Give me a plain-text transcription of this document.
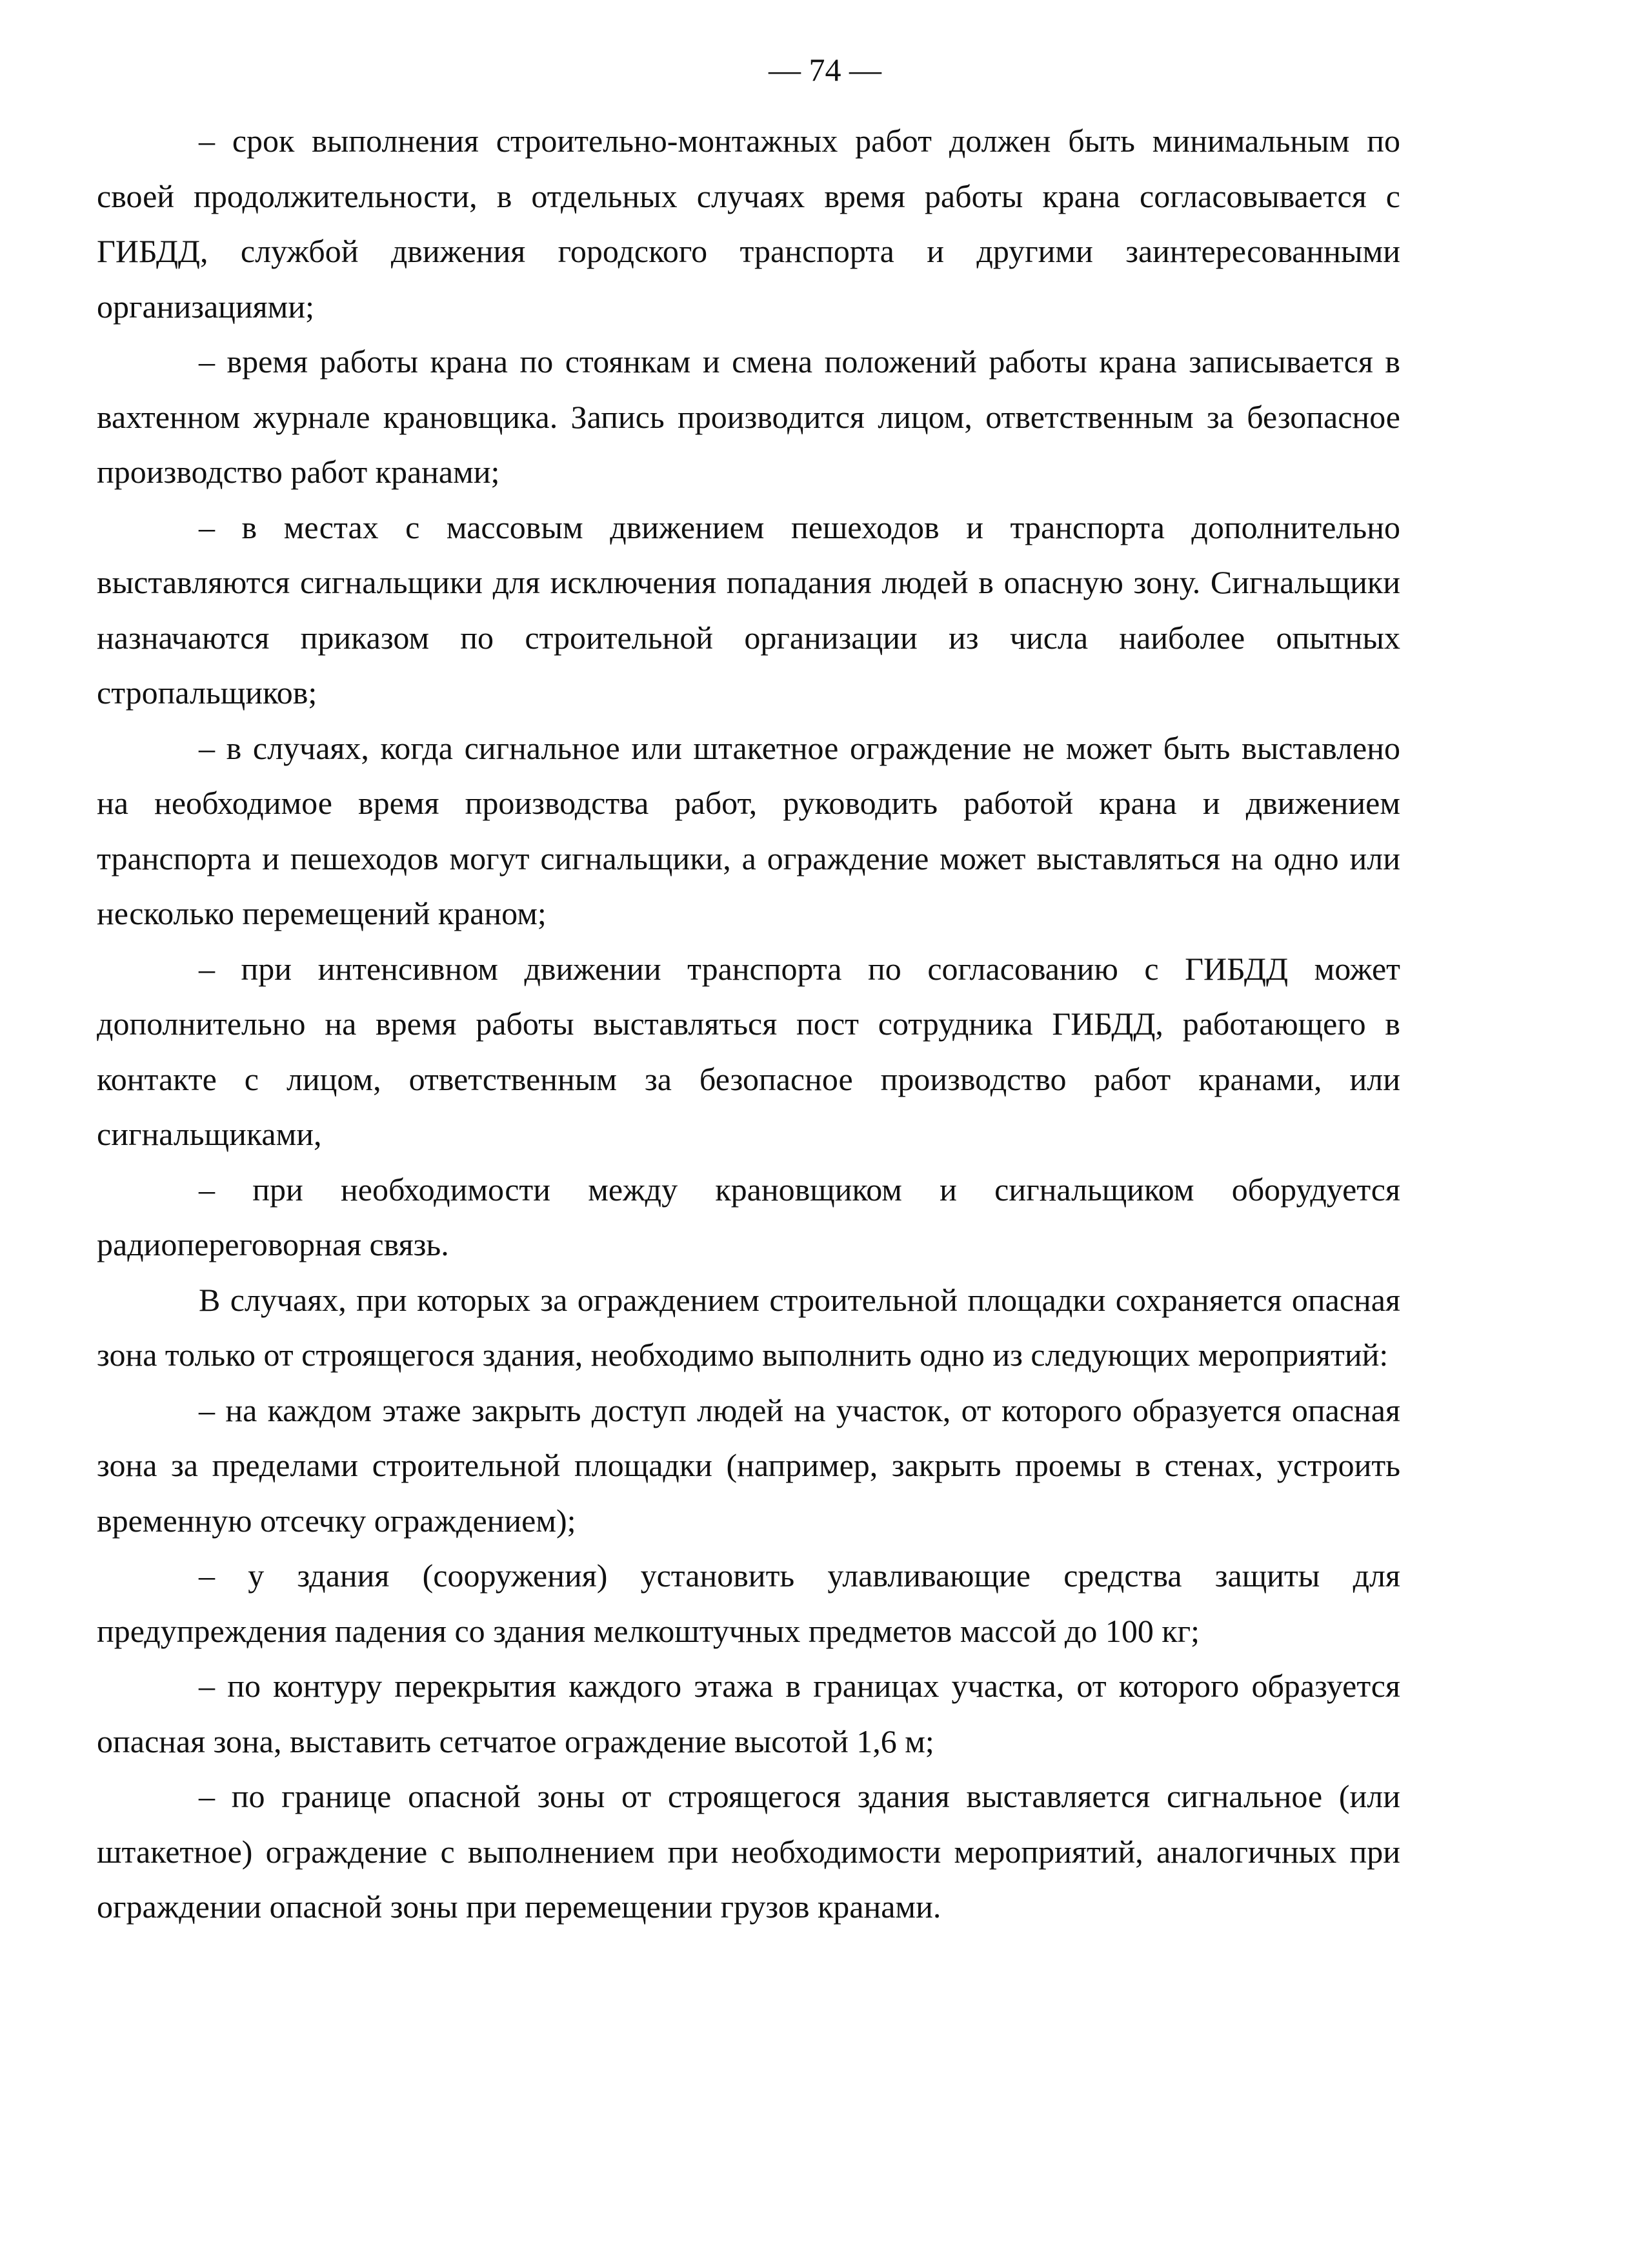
— 74 —

– срок выполнения строительно-монтажных работ должен быть минимальным по своей продолжительности, в отдельных случаях время работы крана согласовывается с ГИБДД, службой движения городского транспорта и другими заинтересованными организациями;

– время работы крана по стоянкам и смена положений работы крана записывается в вахтенном журнале крановщика. Запись производится лицом, ответственным за безопасное производство работ кранами;

– в местах с массовым движением пешеходов и транспорта дополнительно выставляются сигнальщики для исключения попадания людей в опасную зону. Сигнальщики назначаются приказом по строительной организации из числа наиболее опытных стропальщиков;

– в случаях, когда сигнальное или штакетное ограждение не может быть выставлено на необходимое время производства работ, руководить работой крана и движением транспорта и пешеходов могут сигнальщики, а ограждение может выставляться на одно или несколько перемещений краном;

– при интенсивном движении транспорта по согласованию с ГИБДД может дополнительно на время работы выставляться пост сотрудника ГИБДД, работающего в контакте с лицом, ответственным за безопасное производство работ кранами, или сигнальщиками,

– при необходимости между крановщиком и сигнальщиком оборудуется радиопереговорная связь.

В случаях, при которых за ограждением строительной площадки сохраняется опасная зона только от строящегося здания, необходимо выполнить одно из следующих мероприятий:

– на каждом этаже закрыть доступ людей на участок, от которого образуется опасная зона за пределами строительной площадки (например, закрыть проемы в стенах, устроить временную отсечку ограждением);

– у здания (сооружения) установить улавливающие средства защиты для предупреждения падения со здания мелкоштучных предметов массой до 100 кг;

– по контуру перекрытия каждого этажа в границах участка, от которого образуется опасная зона, выставить сетчатое ограждение высотой 1,6 м;

– по границе опасной зоны от строящегося здания выставляется сигнальное (или штакетное) ограждение с выполнением при необходимости мероприятий, аналогичных при ограждении опасной зоны при перемещении грузов кранами.
